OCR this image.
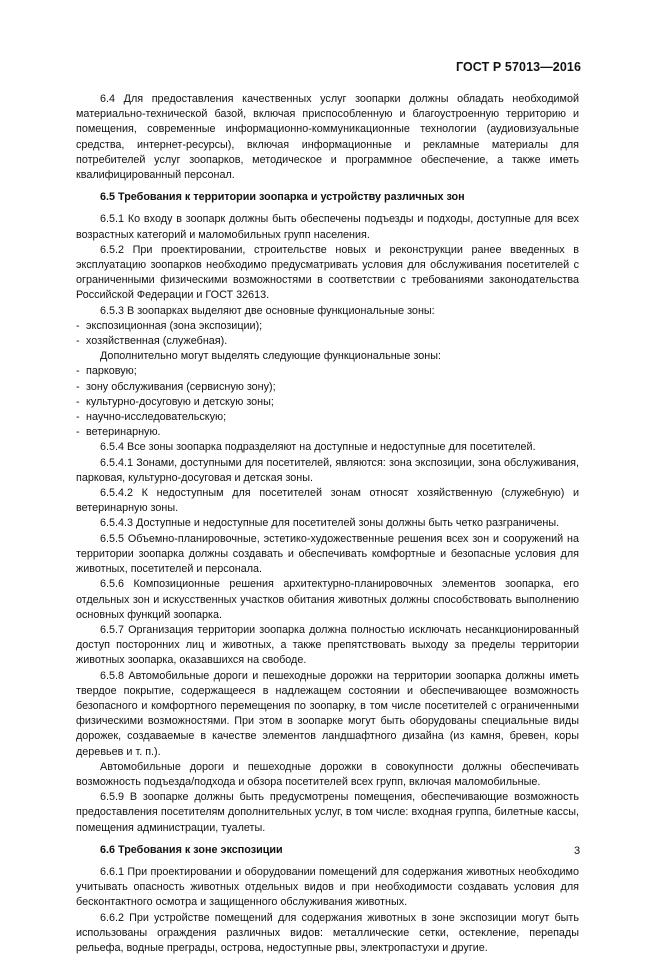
ГОСТ Р 57013—2016

6.4 Для предоставления качественных услуг зоопарки должны обладать необходимой материально-технической базой, включая приспособленную и благоустроенную территорию и помещения, современные информационно-коммуникационные технологии (аудиовизуальные средства, интернет-ресурсы), включая информационные и рекламные материалы для потребителей услуг зоопарков, методическое и программное обеспечение, а также иметь квалифицированный персонал.

6.5 Требования к территории зоопарка и устройству различных зон

6.5.1 Ко входу в зоопарк должны быть обеспечены подъезды и подходы, доступные для всех возрастных категорий и маломобильных групп населения.

6.5.2 При проектировании, строительстве новых и реконструкции ранее введенных в эксплуатацию зоопарков необходимо предусматривать условия для обслуживания посетителей с ограниченными физическими возможностями в соответствии с требованиями законодательства Российской Федерации и ГОСТ 32613.

6.5.3 В зоопарках выделяют две основные функциональные зоны:

- экспозиционная (зона экспозиции);
- хозяйственная (служебная).

Дополнительно могут выделять следующие функциональные зоны:

- парковую;
- зону обслуживания (сервисную зону);
- культурно-досуговую и детскую зоны;
- научно-исследовательскую;
- ветеринарную.

6.5.4 Все зоны зоопарка подразделяют на доступные и недоступные для посетителей.

6.5.4.1 Зонами, доступными для посетителей, являются: зона экспозиции, зона обслуживания, парковая, культурно-досуговая и детская зоны.

6.5.4.2 К недоступным для посетителей зонам относят хозяйственную (служебную) и ветеринарную зоны.

6.5.4.3 Доступные и недоступные для посетителей зоны должны быть четко разграничены.

6.5.5 Объемно-планировочные, эстетико-художественные решения всех зон и сооружений на территории зоопарка должны создавать и обеспечивать комфортные и безопасные условия для животных, посетителей и персонала.

6.5.6 Композиционные решения архитектурно-планировочных элементов зоопарка, его отдельных зон и искусственных участков обитания животных должны способствовать выполнению основных функций зоопарка.

6.5.7 Организация территории зоопарка должна полностью исключать несанкционированный доступ посторонних лиц и животных, а также препятствовать выходу за пределы территории животных зоопарка, оказавшихся на свободе.

6.5.8 Автомобильные дороги и пешеходные дорожки на территории зоопарка должны иметь твердое покрытие, содержащееся в надлежащем состоянии и обеспечивающее возможность безопасного и комфортного перемещения по зоопарку, в том числе посетителей с ограниченными физическими возможностями. При этом в зоопарке могут быть оборудованы специальные виды дорожек, создаваемые в качестве элементов ландшафтного дизайна (из камня, бревен, коры деревьев и т. п.).

Автомобильные дороги и пешеходные дорожки в совокупности должны обеспечивать возможность подъезда/подхода и обзора посетителей всех групп, включая маломобильные.

6.5.9 В зоопарке должны быть предусмотрены помещения, обеспечивающие возможность предоставления посетителям дополнительных услуг, в том числе: входная группа, билетные кассы, помещения администрации, туалеты.

6.6 Требования к зоне экспозиции

6.6.1 При проектировании и оборудовании помещений для содержания животных необходимо учитывать опасность животных отдельных видов и при необходимости создавать условия для бесконтактного осмотра и защищенного обслуживания животных.

6.6.2 При устройстве помещений для содержания животных в зоне экспозиции могут быть использованы ограждения различных видов: металлические сетки, остекление, перепады рельефа, водные преграды, острова, недоступные рвы, электропастухи и другие.

3
